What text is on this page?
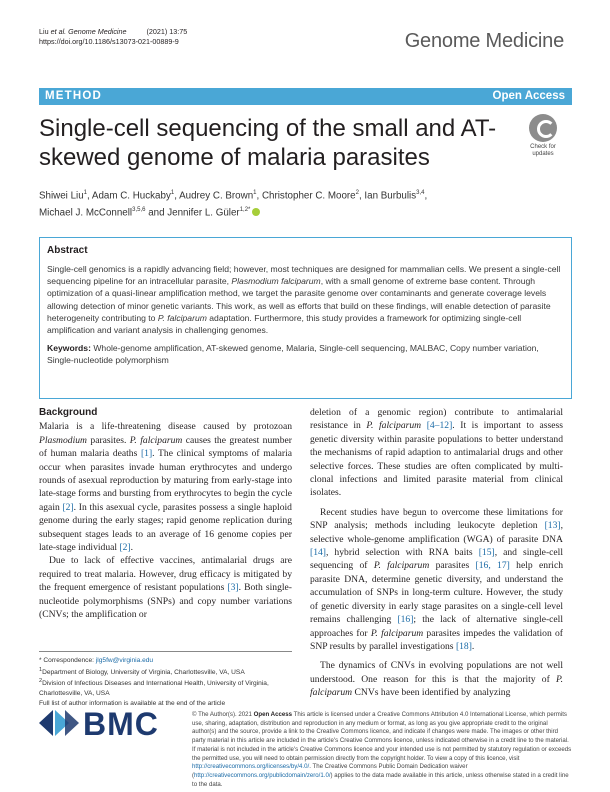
Liu et al. Genome Medicine	(2021) 13:75
https://doi.org/10.1186/s13073-021-00889-9	Genome Medicine
METHOD	Open Access
Single-cell sequencing of the small and AT-skewed genome of malaria parasites	Check for
updates
Shiwei Liu$^1$, Adam C. Huckaby$^1$, Audrey C. Brown$^1$, Christopher C. Moore$^2$, Ian Burbulis$^{3,4}$,
Michael J. McConnell$^{3,5,6}$ and Jennifer L. Güler$^{1,2*}$
Abstract

Single-cell genomics is a rapidly advancing field; however, most techniques are designed for mammalian cells. We present a single-cell sequencing pipeline for an intracellular parasite, Plasmodium falciparum, with a small genome of extreme base content. Through optimization of a quasi-linear amplification method, we target the parasite genome over contaminants and generate coverage levels allowing detection of minor genetic variants. This work, as well as efforts that build on these findings, will enable detection of parasite heterogeneity contributing to P. falciparum adaptation. Furthermore, this study provides a framework for optimizing single-cell amplification and variant analysis in challenging genomes.

Keywords: Whole-genome amplification, AT-skewed genome, Malaria, Single-cell sequencing, MALBAC, Copy number variation, Single-nucleotide polymorphism

Background

Malaria is a life-threatening disease caused by protozoan Plasmodium parasites. P. falciparum causes the greatest number of human malaria deaths [1]. The clinical symptoms of malaria occur when parasites invade human erythrocytes and undergo rounds of asexual reproduction by maturing from early-stage into late-stage forms and bursting from erythrocytes to begin the cycle again [2]. In this asexual cycle, parasites possess a single haploid genome during the early stages; rapid genome replication during subsequent stages leads to an average of 16 genome copies per late-stage individual [2].

Due to lack of effective vaccines, antimalarial drugs are required to treat malaria. However, drug efficacy is mitigated by the frequent emergence of resistant populations [3]. Both single-nucleotide polymorphisms (SNPs) and copy number variations (CNVs; the amplification or

deletion of a genomic region) contribute to antimalarial resistance in P. falciparum [4–12]. It is important to assess genetic diversity within parasite populations to better understand the mechanisms of rapid adaption to antimalarial drugs and other selective forces. These studies are often complicated by multi-clonal infections and limited parasite material from clinical isolates.

Recent studies have begun to overcome these limitations for SNP analysis; methods including leukocyte depletion [13], selective whole-genome amplification (WGA) of parasite DNA [14], hybrid selection with RNA baits [15], and single-cell sequencing of P. falciparum parasites [16, 17] help enrich parasite DNA, determine genetic diversity, and understand the accumulation of SNPs in long-term culture. However, the study of genetic diversity in early stage parasites on a single-cell level remains challenging [16]; the lack of alternative single-cell approaches for P. falciparum parasites impedes the validation of SNP results by parallel investigations [18].

The dynamics of CNVs in evolving populations are not well understood. One reason for this is that the majority of P. falciparum CNVs have been identified by analyzing

* Correspondence: jlg5fw@virginia.edu
$^1$Department of Biology, University of Virginia, Charlottesville, VA, USA
$^2$Division of Infectious Diseases and International Health, University of Virginia, Charlottesville, VA, USA
Full list of author information is available at the end of the article
BMC	© The Author(s). 2021 Open Access This article is licensed under a Creative Commons Attribution 4.0 International License, which permits use, sharing, adaptation, distribution and reproduction in any medium or format, as long as you give appropriate credit to the original author(s) and the source, provide a link to the Creative Commons licence, and indicate if changes were made. The images or other third party material in this article are included in the article's Creative Commons licence, unless indicated otherwise in a credit line to the material. If material is not included in the article's Creative Commons licence and your intended use is not permitted by statutory regulation or exceeds the permitted use, you will need to obtain permission directly from the copyright holder. To view a copy of this licence, visit http://creativecommons.org/licenses/by/4.0/. The Creative Commons Public Domain Dedication waiver (http://creativecommons.org/publicdomain/zero/1.0/) applies to the data made available in this article, unless otherwise stated in a credit line to the data.
